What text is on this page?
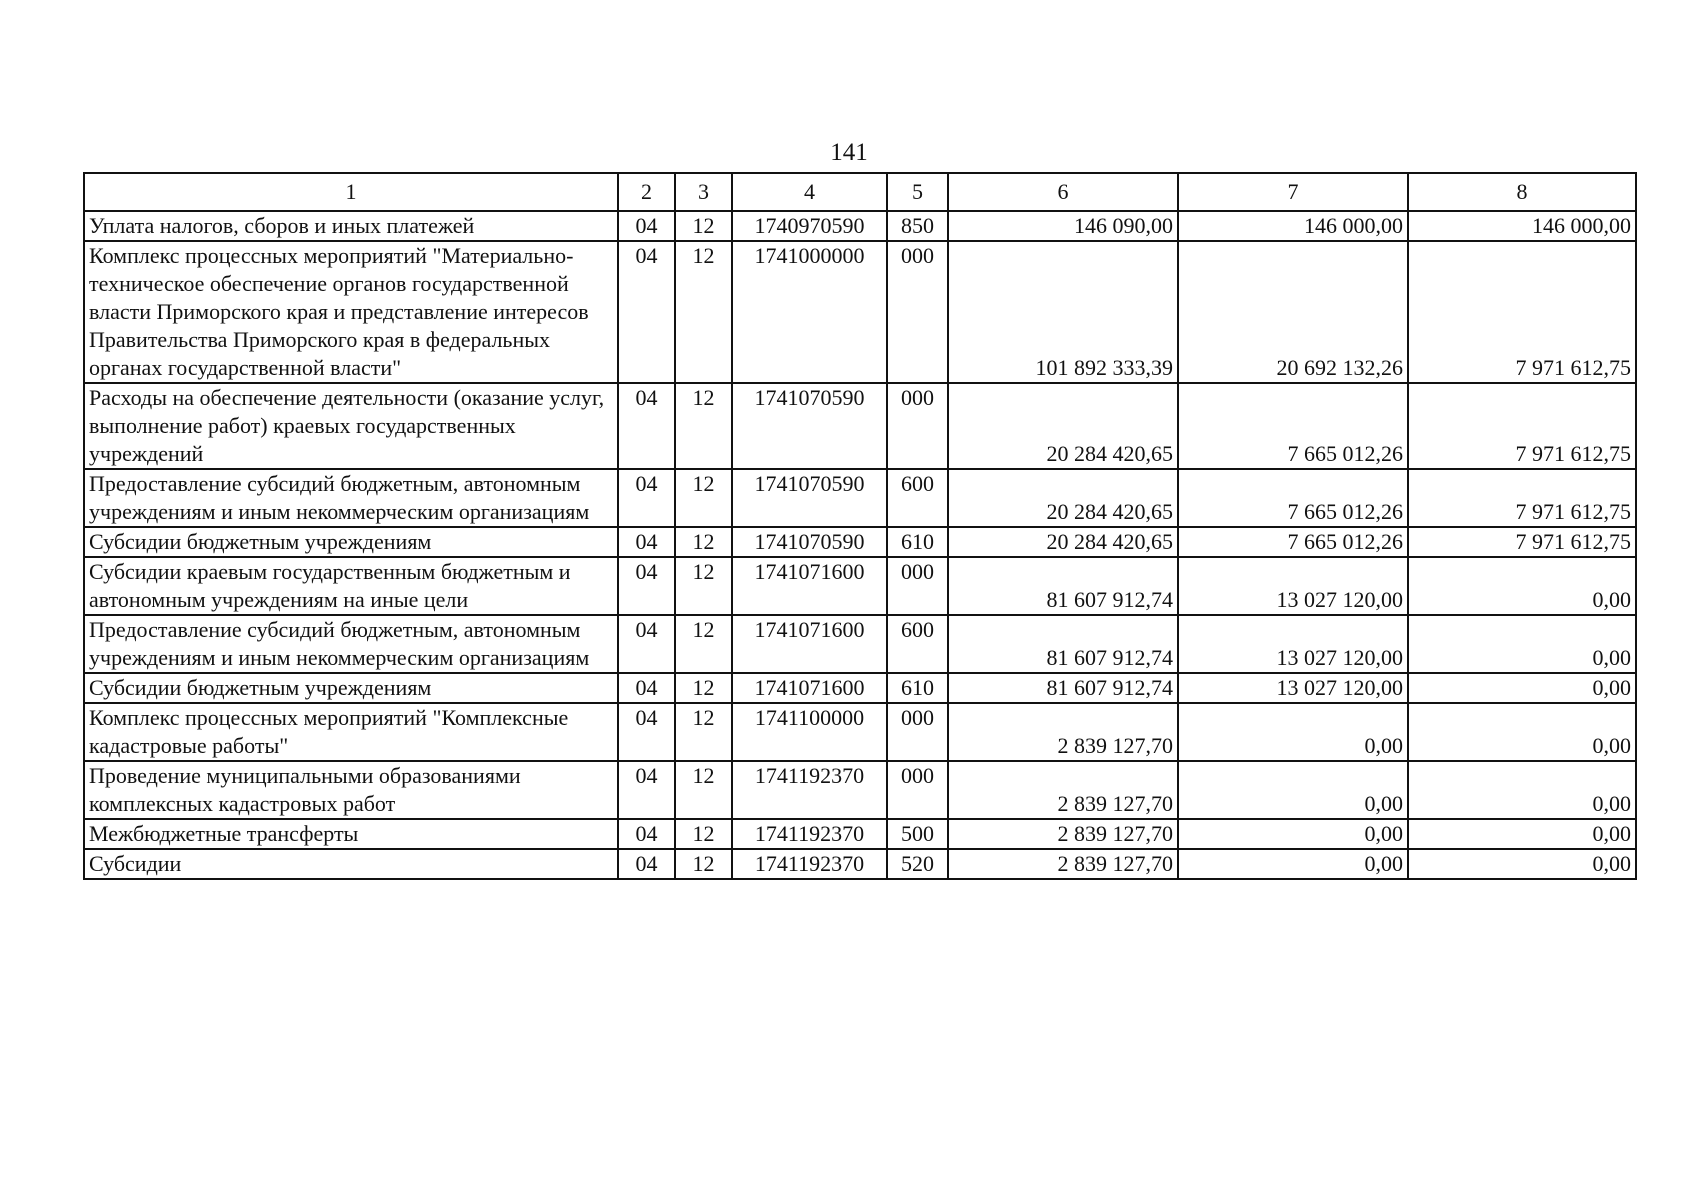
141
1	2	3	4	5	6	7	8
Уплата налогов, сборов и иных платежей	04	12	1740970590	850	146 090,00	146 000,00	146 000,00
Комплекс процессных мероприятий "Материально-техническое обеспечение органов государственной власти Приморского края и представление интересов Правительства Приморского края в федеральных органах государственной власти"	04	12	1741000000	000	101 892 333,39	20 692 132,26	7 971 612,75
Расходы на обеспечение деятельности (оказание услуг, выполнение работ) краевых государственных учреждений	04	12	1741070590	000	20 284 420,65	7 665 012,26	7 971 612,75
Предоставление субсидий бюджетным, автономным учреждениям и иным некоммерческим организациям	04	12	1741070590	600	20 284 420,65	7 665 012,26	7 971 612,75
Субсидии бюджетным учреждениям	04	12	1741070590	610	20 284 420,65	7 665 012,26	7 971 612,75
Субсидии краевым государственным бюджетным и автономным учреждениям на иные цели	04	12	1741071600	000	81 607 912,74	13 027 120,00	0,00
Предоставление субсидий бюджетным, автономным учреждениям и иным некоммерческим организациям	04	12	1741071600	600	81 607 912,74	13 027 120,00	0,00
Субсидии бюджетным учреждениям	04	12	1741071600	610	81 607 912,74	13 027 120,00	0,00
Комплекс процессных мероприятий "Комплексные кадастровые работы"	04	12	1741100000	000	2 839 127,70	0,00	0,00
Проведение муниципальными образованиями комплексных кадастровых работ	04	12	1741192370	000	2 839 127,70	0,00	0,00
Межбюджетные трансферты	04	12	1741192370	500	2 839 127,70	0,00	0,00
Субсидии	04	12	1741192370	520	2 839 127,70	0,00	0,00
